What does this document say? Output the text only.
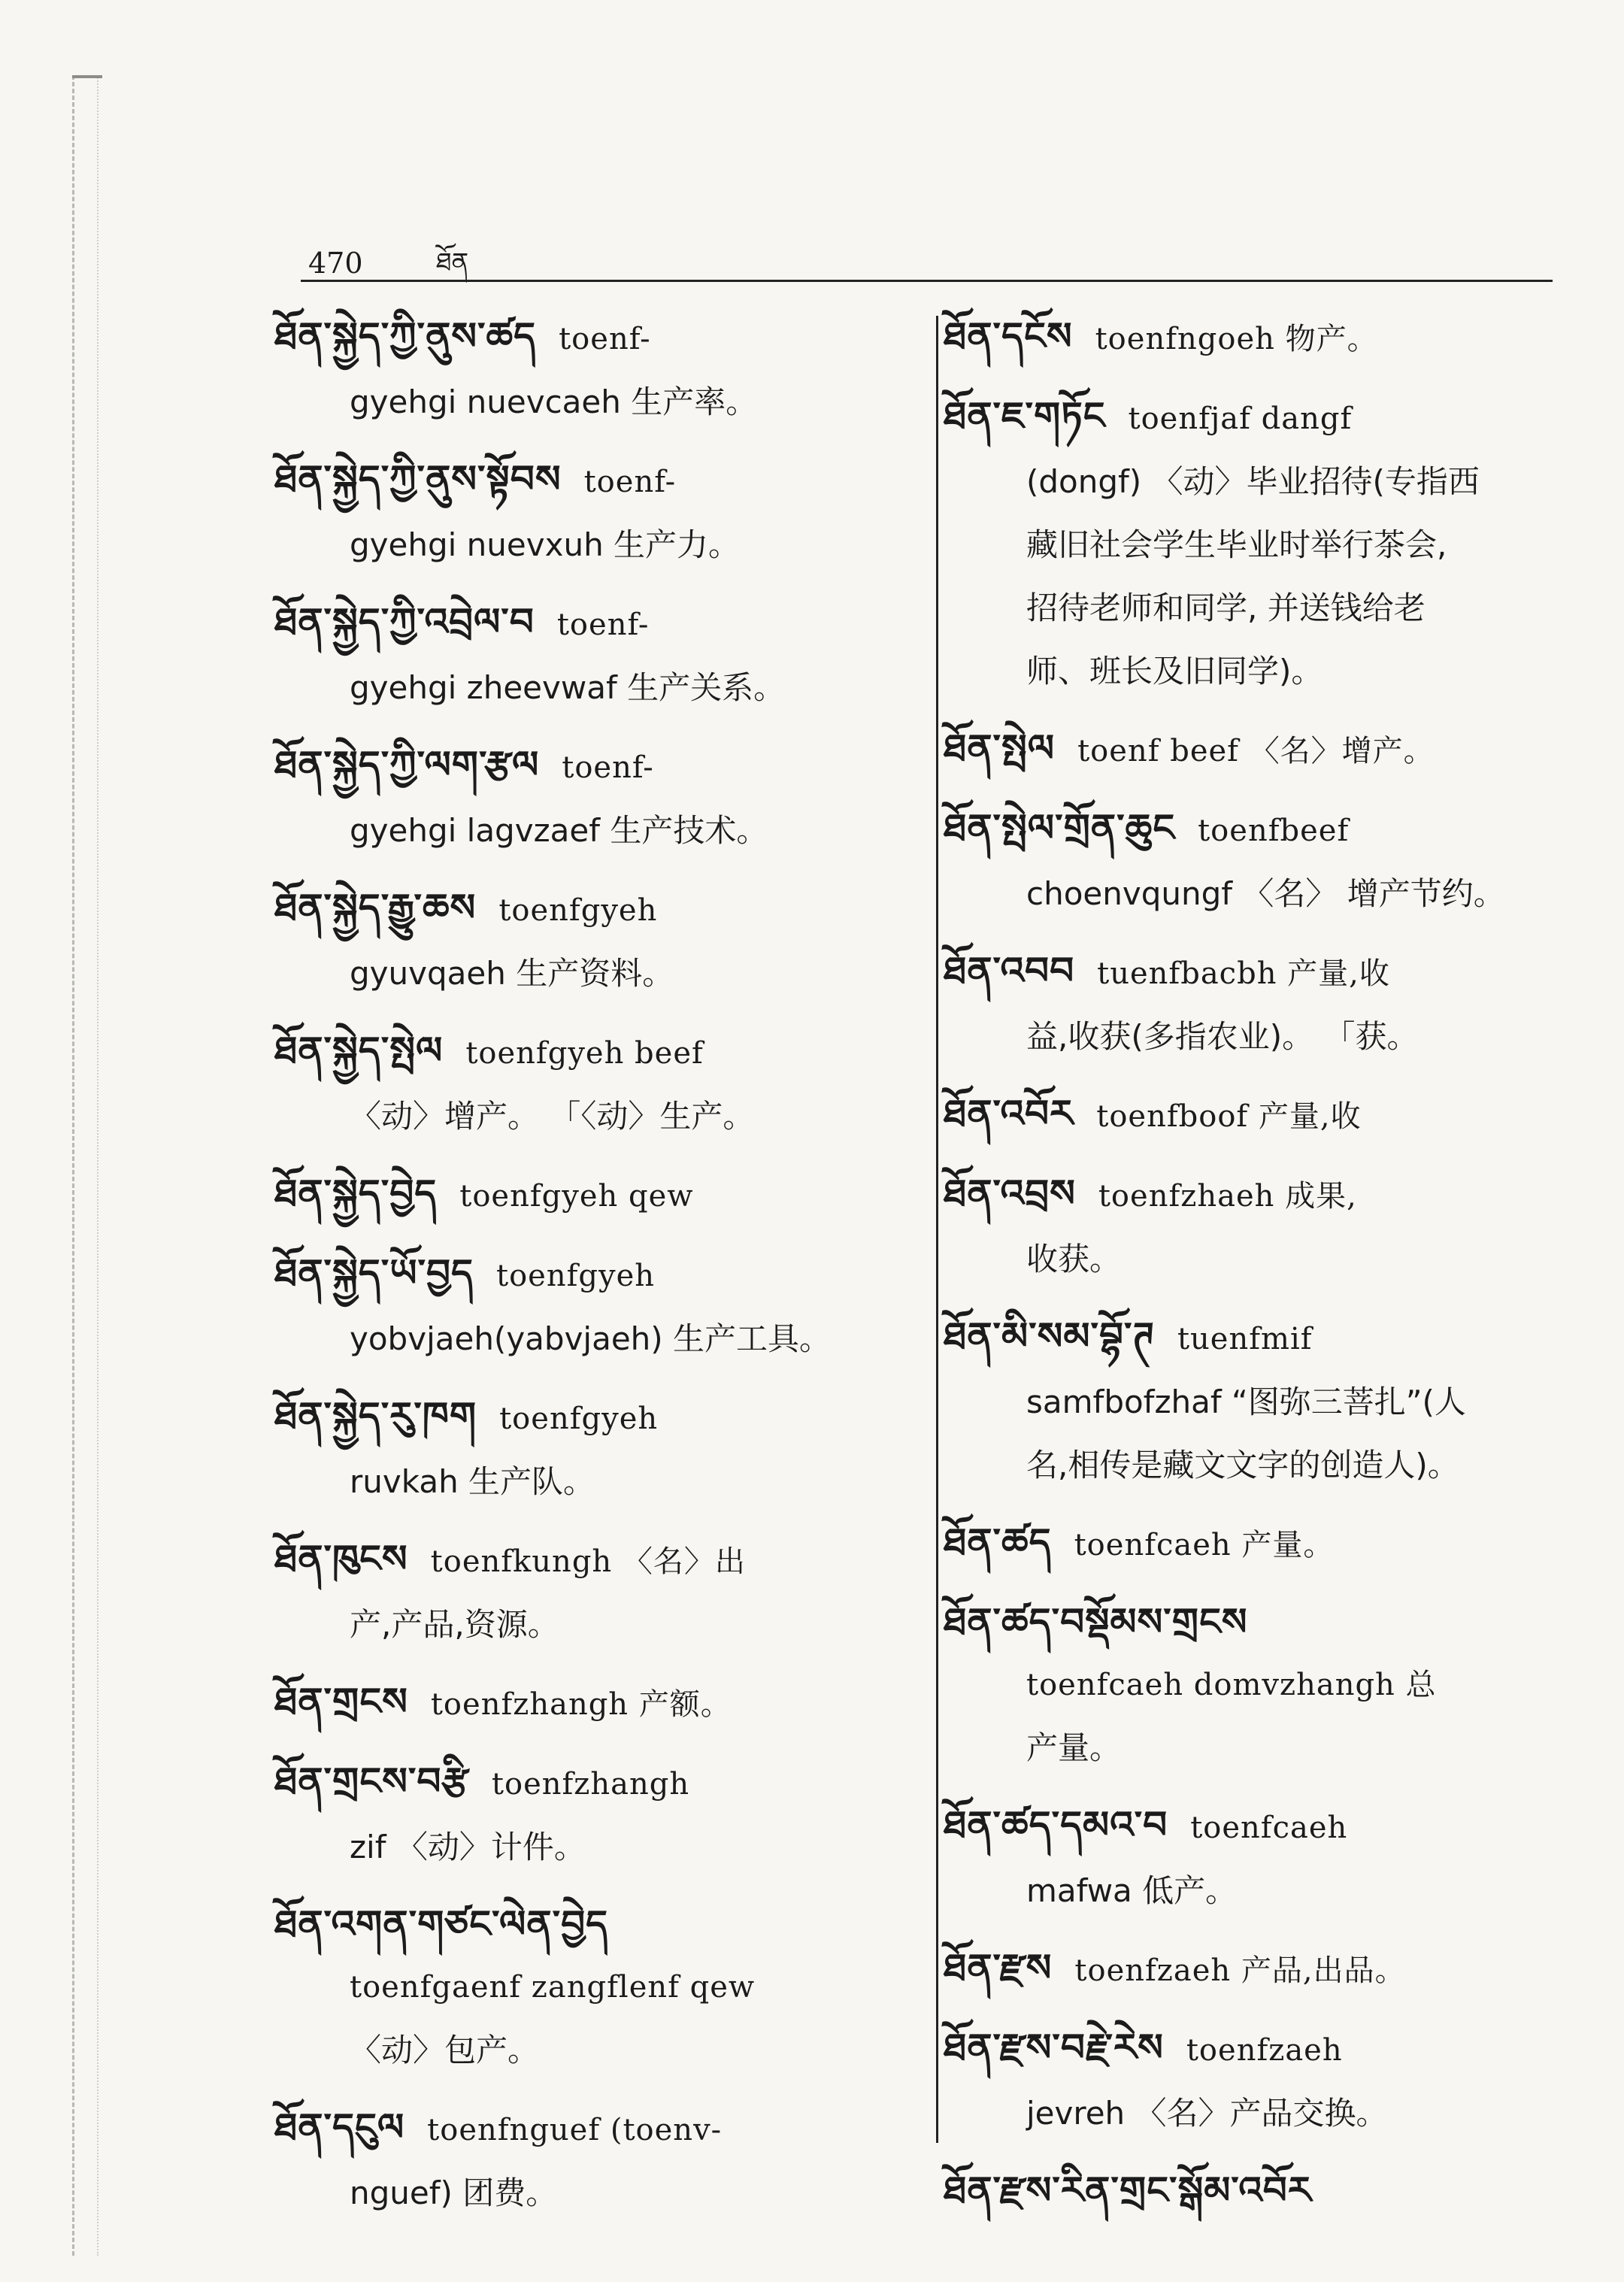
470	ཐོན
ཐོན་སྐྱེད་ཀྱི་ནུས་ཚད toenf-
gyehgi nuevcaeh 生产率。
ཐོན་སྐྱེད་ཀྱི་ནུས་སྟོབས toenf-
gyehgi nuevxuh 生产力。
ཐོན་སྐྱེད་ཀྱི་འབྲེལ་བ toenf-
gyehgi zheevwaf 生产关系。
ཐོན་སྐྱེད་ཀྱི་ལག་རྩལ toenf-
gyehgi lagvzaef 生产技术。
ཐོན་སྐྱེད་རྒྱུ་ཆས toenfgyeh
gyuvqaeh 生产资料。
ཐོན་སྐྱེད་སྤེལ toenfgyeh beef
〈动〉增产。 「〈动〉生产。
ཐོན་སྐྱེད་བྱེད toenfgyeh qew
ཐོན་སྐྱེད་ཡོ་བྱད toenfgyeh
yobvjaeh(yabvjaeh) 生产工具。
ཐོན་སྐྱེད་རུ་ཁག toenfgyeh
ruvkah 生产队。
ཐོན་ཁུངས toenfkungh 〈名〉出
产,产品,资源。
ཐོན་གྲངས toenfzhangh 产额。
ཐོན་གྲངས་བརྩི toenfzhangh
zif 〈动〉计件。
ཐོན་འགན་གཙང་ལེན་བྱེད
toenfgaenf zangflenf qew
〈动〉包产。
ཐོན་དངུལ toenfnguef (toenv-
nguef) 团费。
ཐོན་དངོས toenfngoeh 物产。
ཐོན་ཇ་གཏོང toenfjaf dangf
(dongf) 〈动〉毕业招待(专指西
藏旧社会学生毕业时举行茶会,
招待老师和同学, 并送钱给老
师、班长及旧同学)。
ཐོན་སྤེལ toenf beef 〈名〉增产。
ཐོན་སྤེལ་གྲོན་ཆུང toenfbeef
choenvqungf 〈名〉 增产节约。
ཐོན་འབབ tuenfbacbh 产量,收
益,收获(多指农业)。 「获。
ཐོན་འབོར toenfboof 产量,收
ཐོན་འབྲས toenfzhaeh 成果,
收获。
ཐོན་མི་སམ་བྷོ་ཊ tuenfmif
samfbofzhaf “图弥三菩扎”(人
名,相传是藏文文字的创造人)。
ཐོན་ཚད toenfcaeh 产量。
ཐོན་ཚད་བསྡོམས་གྲངས
toenfcaeh domvzhangh 总
产量。
ཐོན་ཚད་དམའ་བ toenfcaeh
mafwa 低产。
ཐོན་རྫས toenfzaeh 产品,出品。
ཐོན་རྫས་བརྗེ་རེས toenfzaeh
jevreh 〈名〉产品交换。
ཐོན་རྫས་རིན་གྲང་སྒོམ་འབོར
